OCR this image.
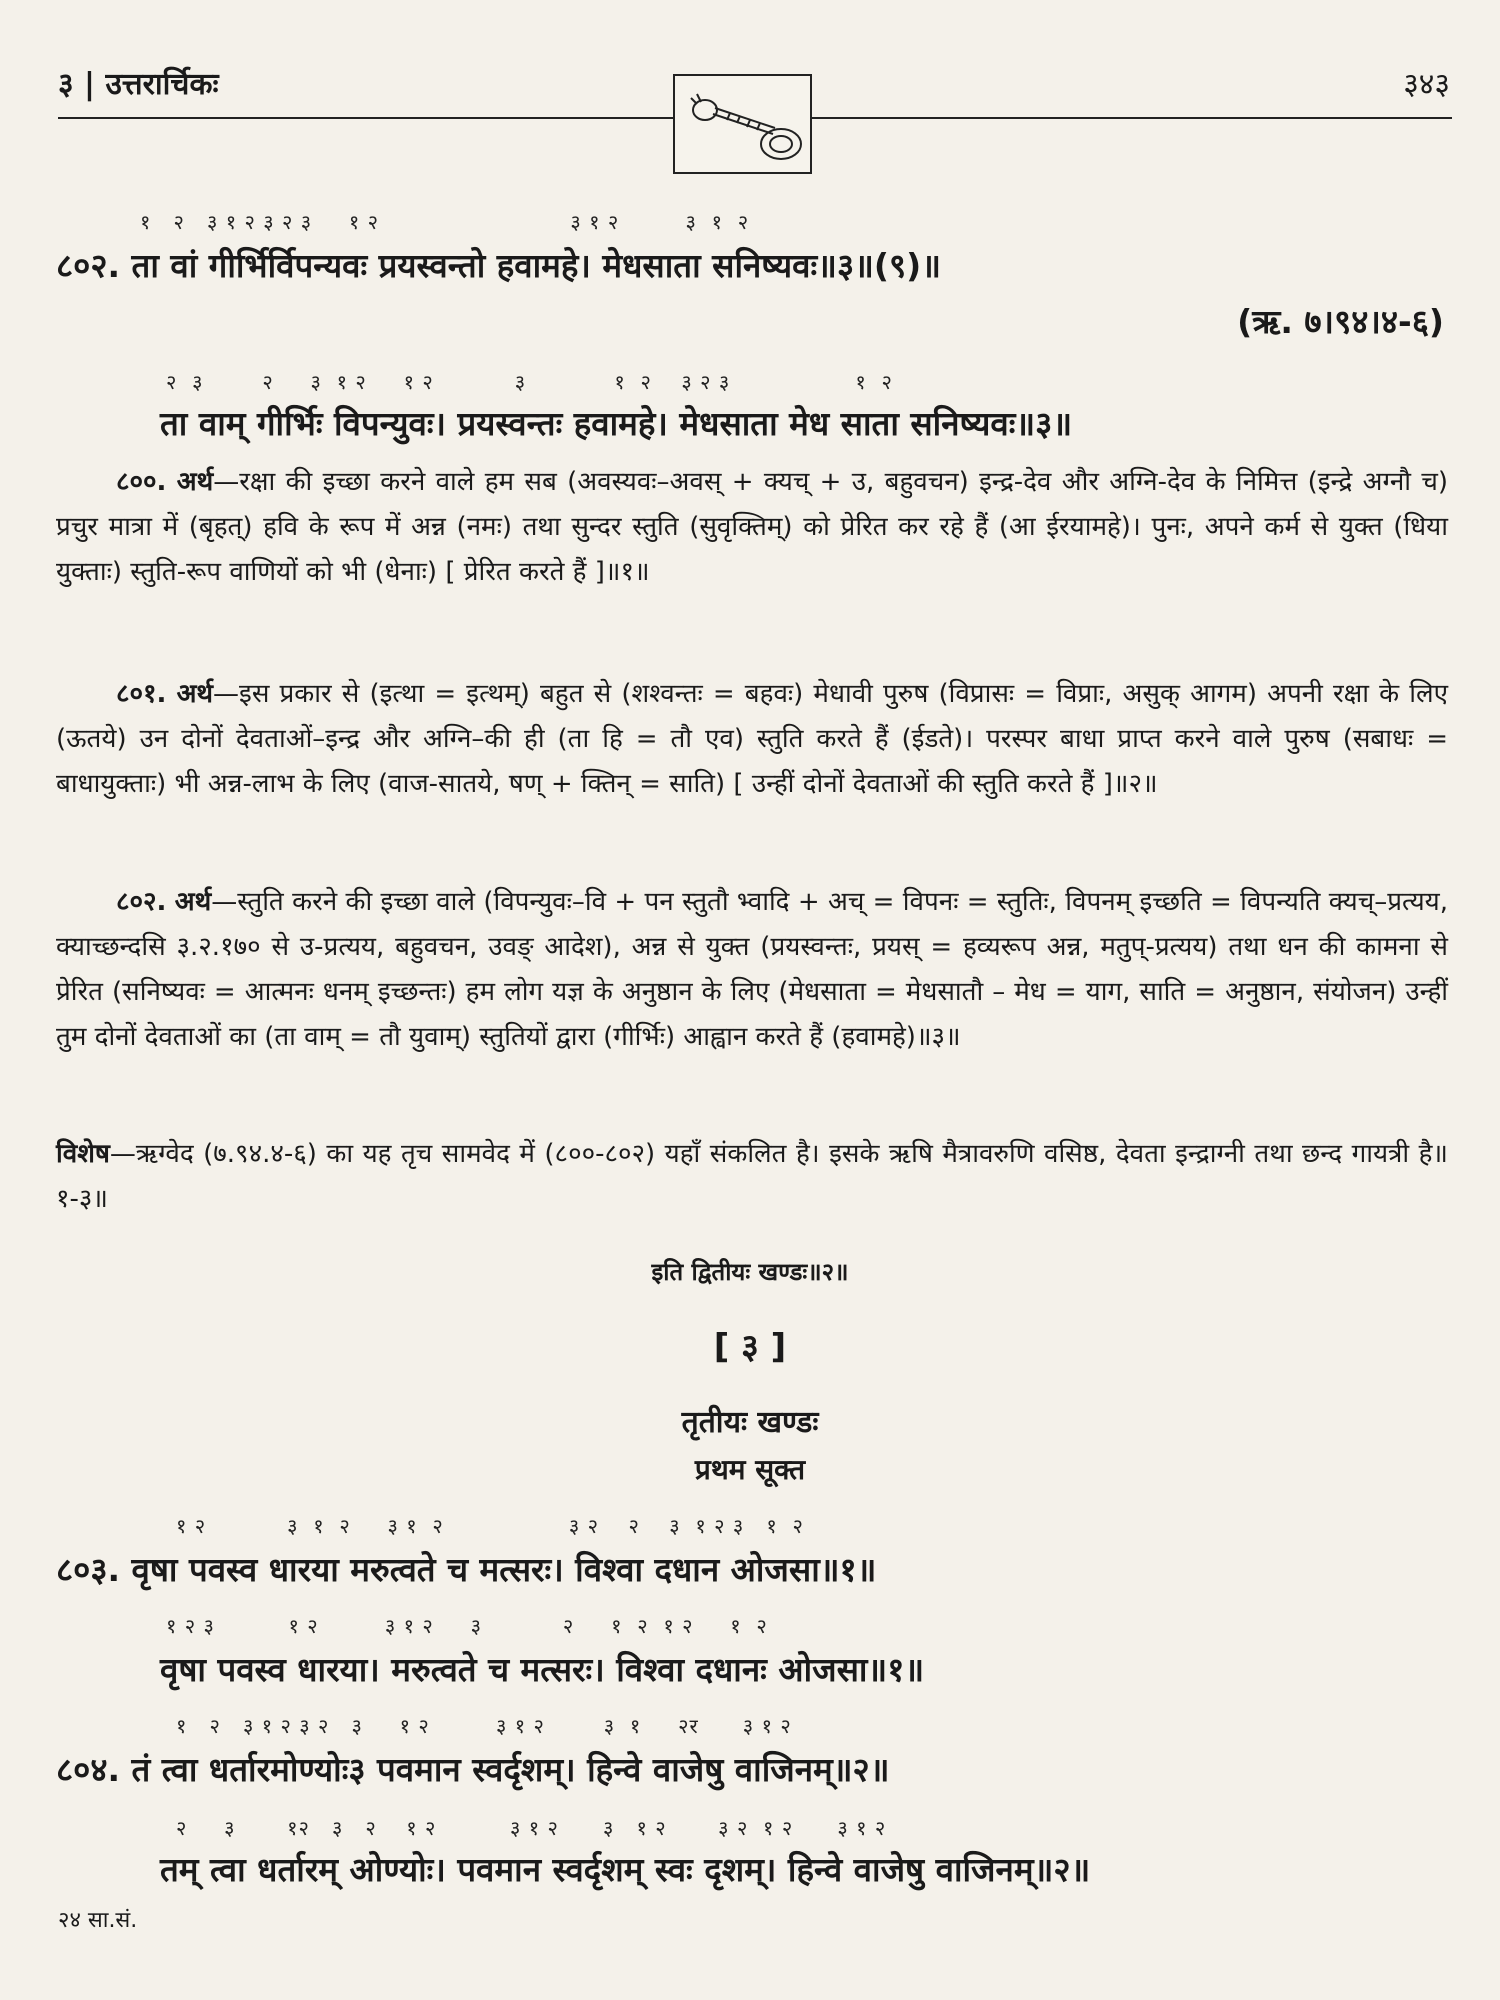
३ | उत्तरार्चिकः	३४३
१   २   ३ १ २ ३ २ ३     १ २                          ३ १ २         ३  १  २
८०२. ता वां गीर्भिर्विपन्यवः प्रयस्वन्तो हवामहे। मेधसाता सनिष्यवः॥३॥(९)॥
(ऋ. ७।९४।४-६)
२  ३        २     ३  १ २     १ २           ३            १  २    ३ २ ३                 १  २
ता वाम् गीर्भिः विपन्युवः। प्रयस्वन्तः हवामहे। मेधसाता मेध साता सनिष्यवः॥३॥
८००. अर्थ—रक्षा की इच्छा करने वाले हम सब (अवस्यवः–अवस् + क्यच् + उ, बहुवचन) इन्द्र-देव और अग्नि-देव के निमित्त (इन्द्रे अग्नौ च) प्रचुर मात्रा में (बृहत्) हवि के रूप में अन्न (नमः) तथा सुन्दर स्तुति (सुवृक्तिम्) को प्रेरित कर रहे हैं (आ ईरयामहे)। पुनः, अपने कर्म से युक्त (धिया युक्ताः) स्तुति-रूप वाणियों को भी (धेनाः) [ प्रेरित करते हैं ]॥१॥
८०१. अर्थ—इस प्रकार से (इत्था = इत्थम्) बहुत से (शश्वन्तः = बहवः) मेधावी पुरुष (विप्रासः = विप्राः, असुक् आगम) अपनी रक्षा के लिए (ऊतये) उन दोनों देवताओं–इन्द्र और अग्नि–की ही (ता हि = तौ एव) स्तुति करते हैं (ईडते)। परस्पर बाधा प्राप्त करने वाले पुरुष (सबाधः = बाधायुक्ताः) भी अन्न-लाभ के लिए (वाज-सातये, षण् + क्तिन् = साति) [ उन्हीं दोनों देवताओं की स्तुति करते हैं ]॥२॥
८०२. अर्थ—स्तुति करने की इच्छा वाले (विपन्युवः–वि + पन स्तुतौ भ्वादि + अच् = विपनः = स्तुतिः, विपनम् इच्छति = विपन्यति क्यच्–प्रत्यय, क्याच्छन्दसि ३.२.१७० से उ-प्रत्यय, बहुवचन, उवङ् आदेश), अन्न से युक्त (प्रयस्वन्तः, प्रयस् = हव्यरूप अन्न, मतुप्-प्रत्यय) तथा धन की कामना से प्रेरित (सनिष्यवः = आत्मनः धनम् इच्छन्तः) हम लोग यज्ञ के अनुष्ठान के लिए (मेधसाता = मेधसातौ – मेध = याग, साति = अनुष्ठान, संयोजन) उन्हीं तुम दोनों देवताओं का (ता वाम् = तौ युवाम्) स्तुतियों द्वारा (गीर्भिः) आह्वान करते हैं (हवामहे)॥३॥
विशेष—ऋग्वेद (७.९४.४-६) का यह तृच सामवेद में (८००-८०२) यहाँ संकलित है। इसके ऋषि मैत्रावरुणि वसिष्ठ, देवता इन्द्राग्नी तथा छन्द गायत्री है॥१-३॥
इति द्वितीयः खण्डः॥२॥
[ ३ ]
तृतीयः खण्डः
प्रथम सूक्त
१ २           ३  १  २     ३ १  २                 ३ २    २    ३  १ २ ३   १  २
८०३. वृषा पवस्व धारया मरुत्वते च मत्सरः। विश्वा दधान ओजसा॥१॥
१ २ ३          १ २         ३ १ २     ३           २     १  २  १ २     १  २
वृषा पवस्व धारया। मरुत्वते च मत्सरः। विश्वा दधानः ओजसा॥१॥
१   २   ३ १ २ ३ २   ३     १ २         ३ १ २        ३  १     २र      ३ १ २
८०४. तं त्वा धर्तारमोण्योः३ पवमान स्वर्दृशम्। हिन्वे वाजेषु वाजिनम्॥२॥
२     ३       १२   ३   २    १ २          ३ १ २      ३   १ २       ३ २  १ २      ३ १ २
तम् त्वा धर्तारम् ओण्योः। पवमान स्वर्दृशम् स्वः दृशम्। हिन्वे वाजेषु वाजिनम्॥२॥
२४ सा.सं.
